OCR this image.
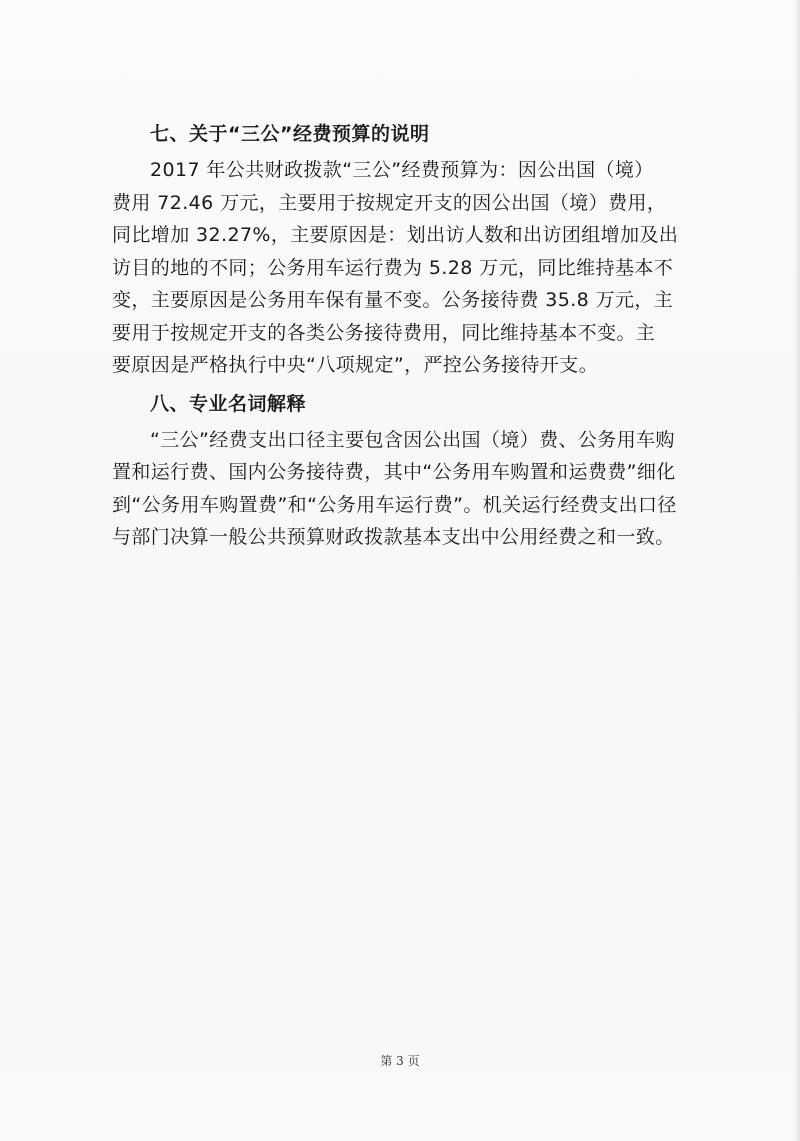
七、关于“三公”经费预算的说明

2017 年公共财政拨款“三公”经费预算为：因公出国（境）

费用 72.46 万元，主要用于按规定开支的因公出国（境）费用，

同比增加 32.27%，主要原因是：划出访人数和出访团组增加及出

访目的地的不同；公务用车运行费为 5.28 万元，同比维持基本不

变，主要原因是公务用车保有量不变。公务接待费 35.8 万元，主

要用于按规定开支的各类公务接待费用，同比维持基本不变。主

要原因是严格执行中央“八项规定”，严控公务接待开支。

八、专业名词解释

“三公”经费支出口径主要包含因公出国（境）费、公务用车购

置和运行费、国内公务接待费，其中“公务用车购置和运费费”细化

到“公务用车购置费”和“公务用车运行费”。机关运行经费支出口径

与部门决算一般公共预算财政拨款基本支出中公用经费之和一致。

第 3 页
